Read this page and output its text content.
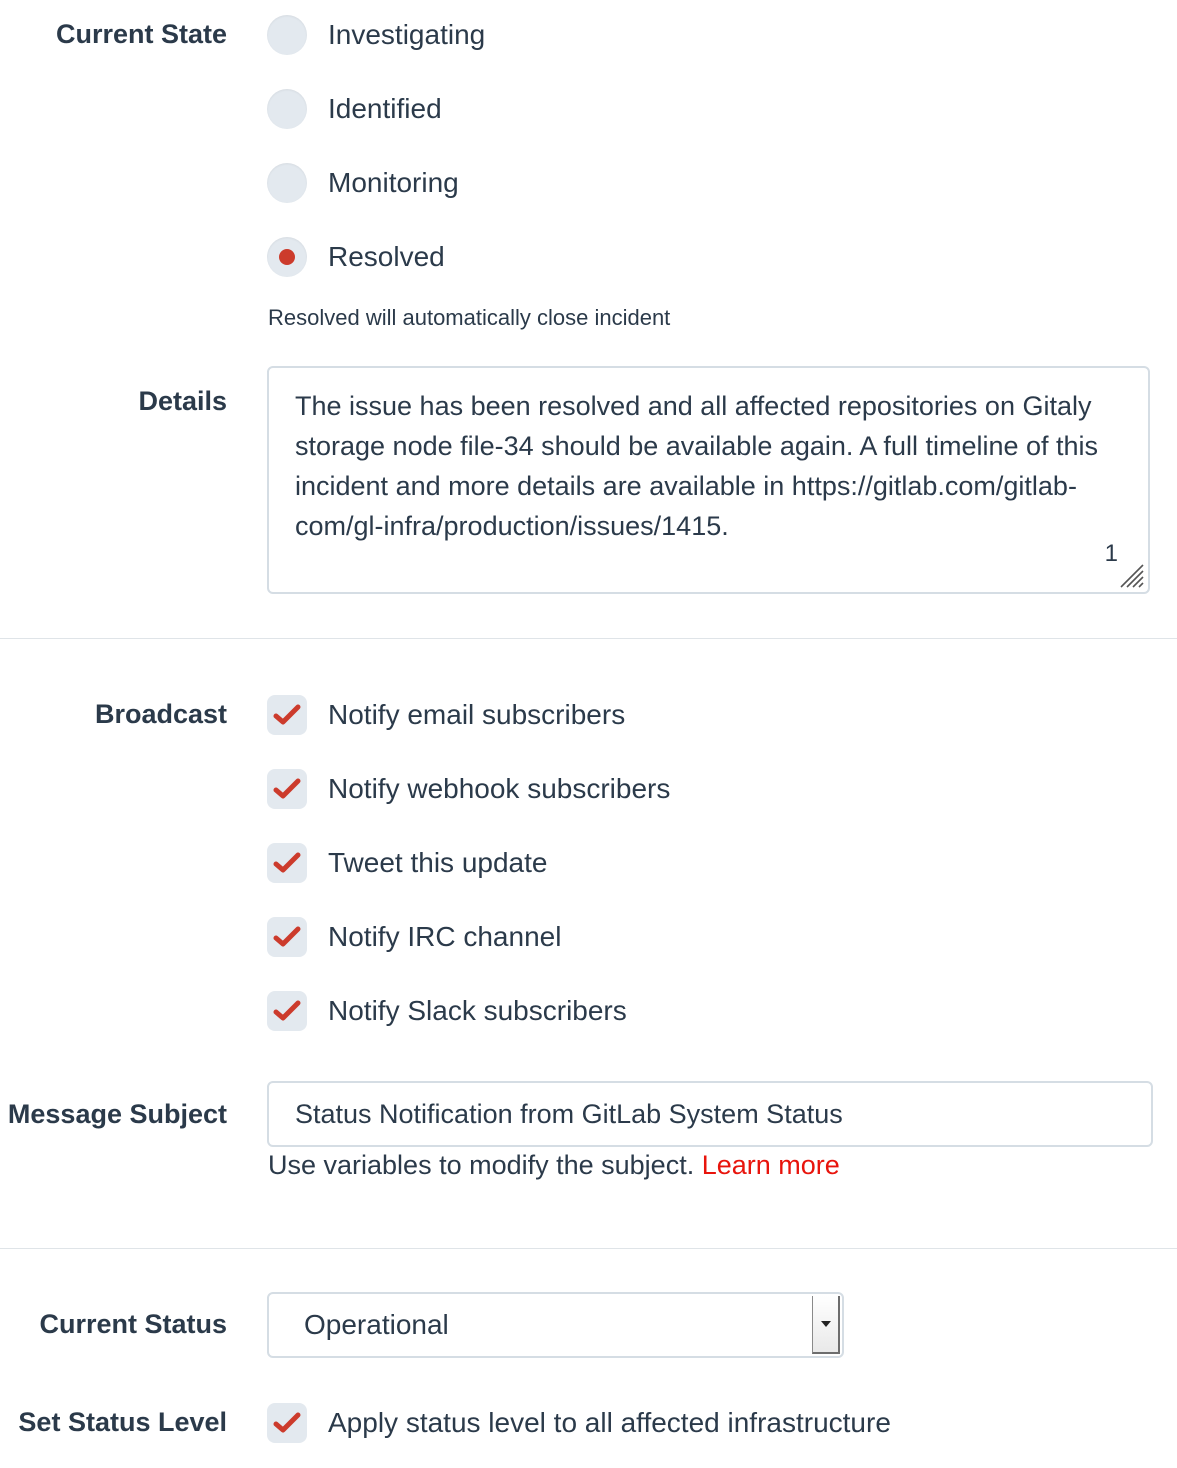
Current State	Investigating
Identified
Monitoring
Resolved
Resolved will automatically close incident
Details	The issue has been resolved and all affected repositories on Gitaly storage node file-34 should be available again. A full timeline of this incident and more details are available in https://gitlab.com/gitlab-com/gl-infra/production/issues/1415.
1
Broadcast	Notify email subscribers
Notify webhook subscribers
Tweet this update
Notify IRC channel
Notify Slack subscribers
Message Subject	Status Notification from GitLab System Status
Use variables to modify the subject. Learn more
Current Status	Operational
Set Status Level	Apply status level to all affected infrastructure
